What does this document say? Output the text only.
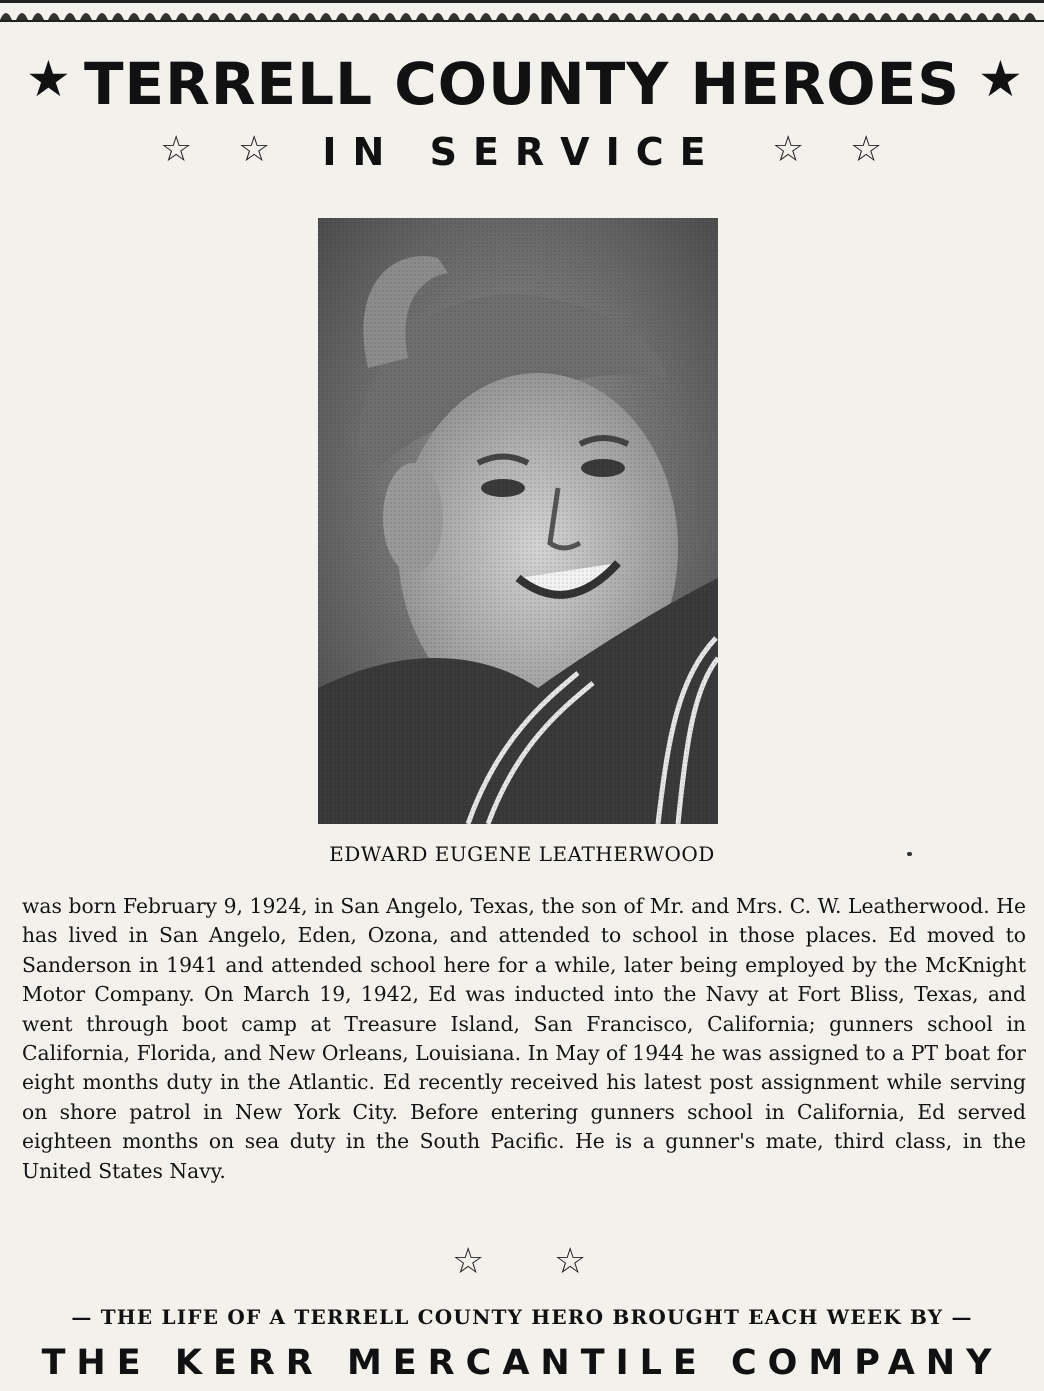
★ TERRELL COUNTY HEROES ★
☆ ☆ IN SERVICE ☆ ☆
EDWARD EUGENE LEATHERWOOD

was born February 9, 1924, in San Angelo, Texas, the son of Mr. and Mrs. C. W. Leatherwood. He has lived in San Angelo, Eden, Ozona, and attended to school in those places. Ed moved to Sanderson in 1941 and attended school here for a while, later being employed by the McKnight Motor Company. On March 19, 1942, Ed was inducted into the Navy at Fort Bliss, Texas, and went through boot camp at Treasure Island, San Francisco, California; gunners school in California, Florida, and New Orleans, Louisiana. In May of 1944 he was assigned to a PT boat for eight months duty in the Atlantic. Ed recently received his latest post assignment while serving on shore patrol in New York City. Before entering gunners school in California, Ed served eighteen months on sea duty in the South Pacific. He is a gunner's mate, third class, in the United States Navy.

☆ ☆
— THE LIFE OF A TERRELL COUNTY HERO BROUGHT EACH WEEK BY —
THE KERR MERCANTILE COMPANY
